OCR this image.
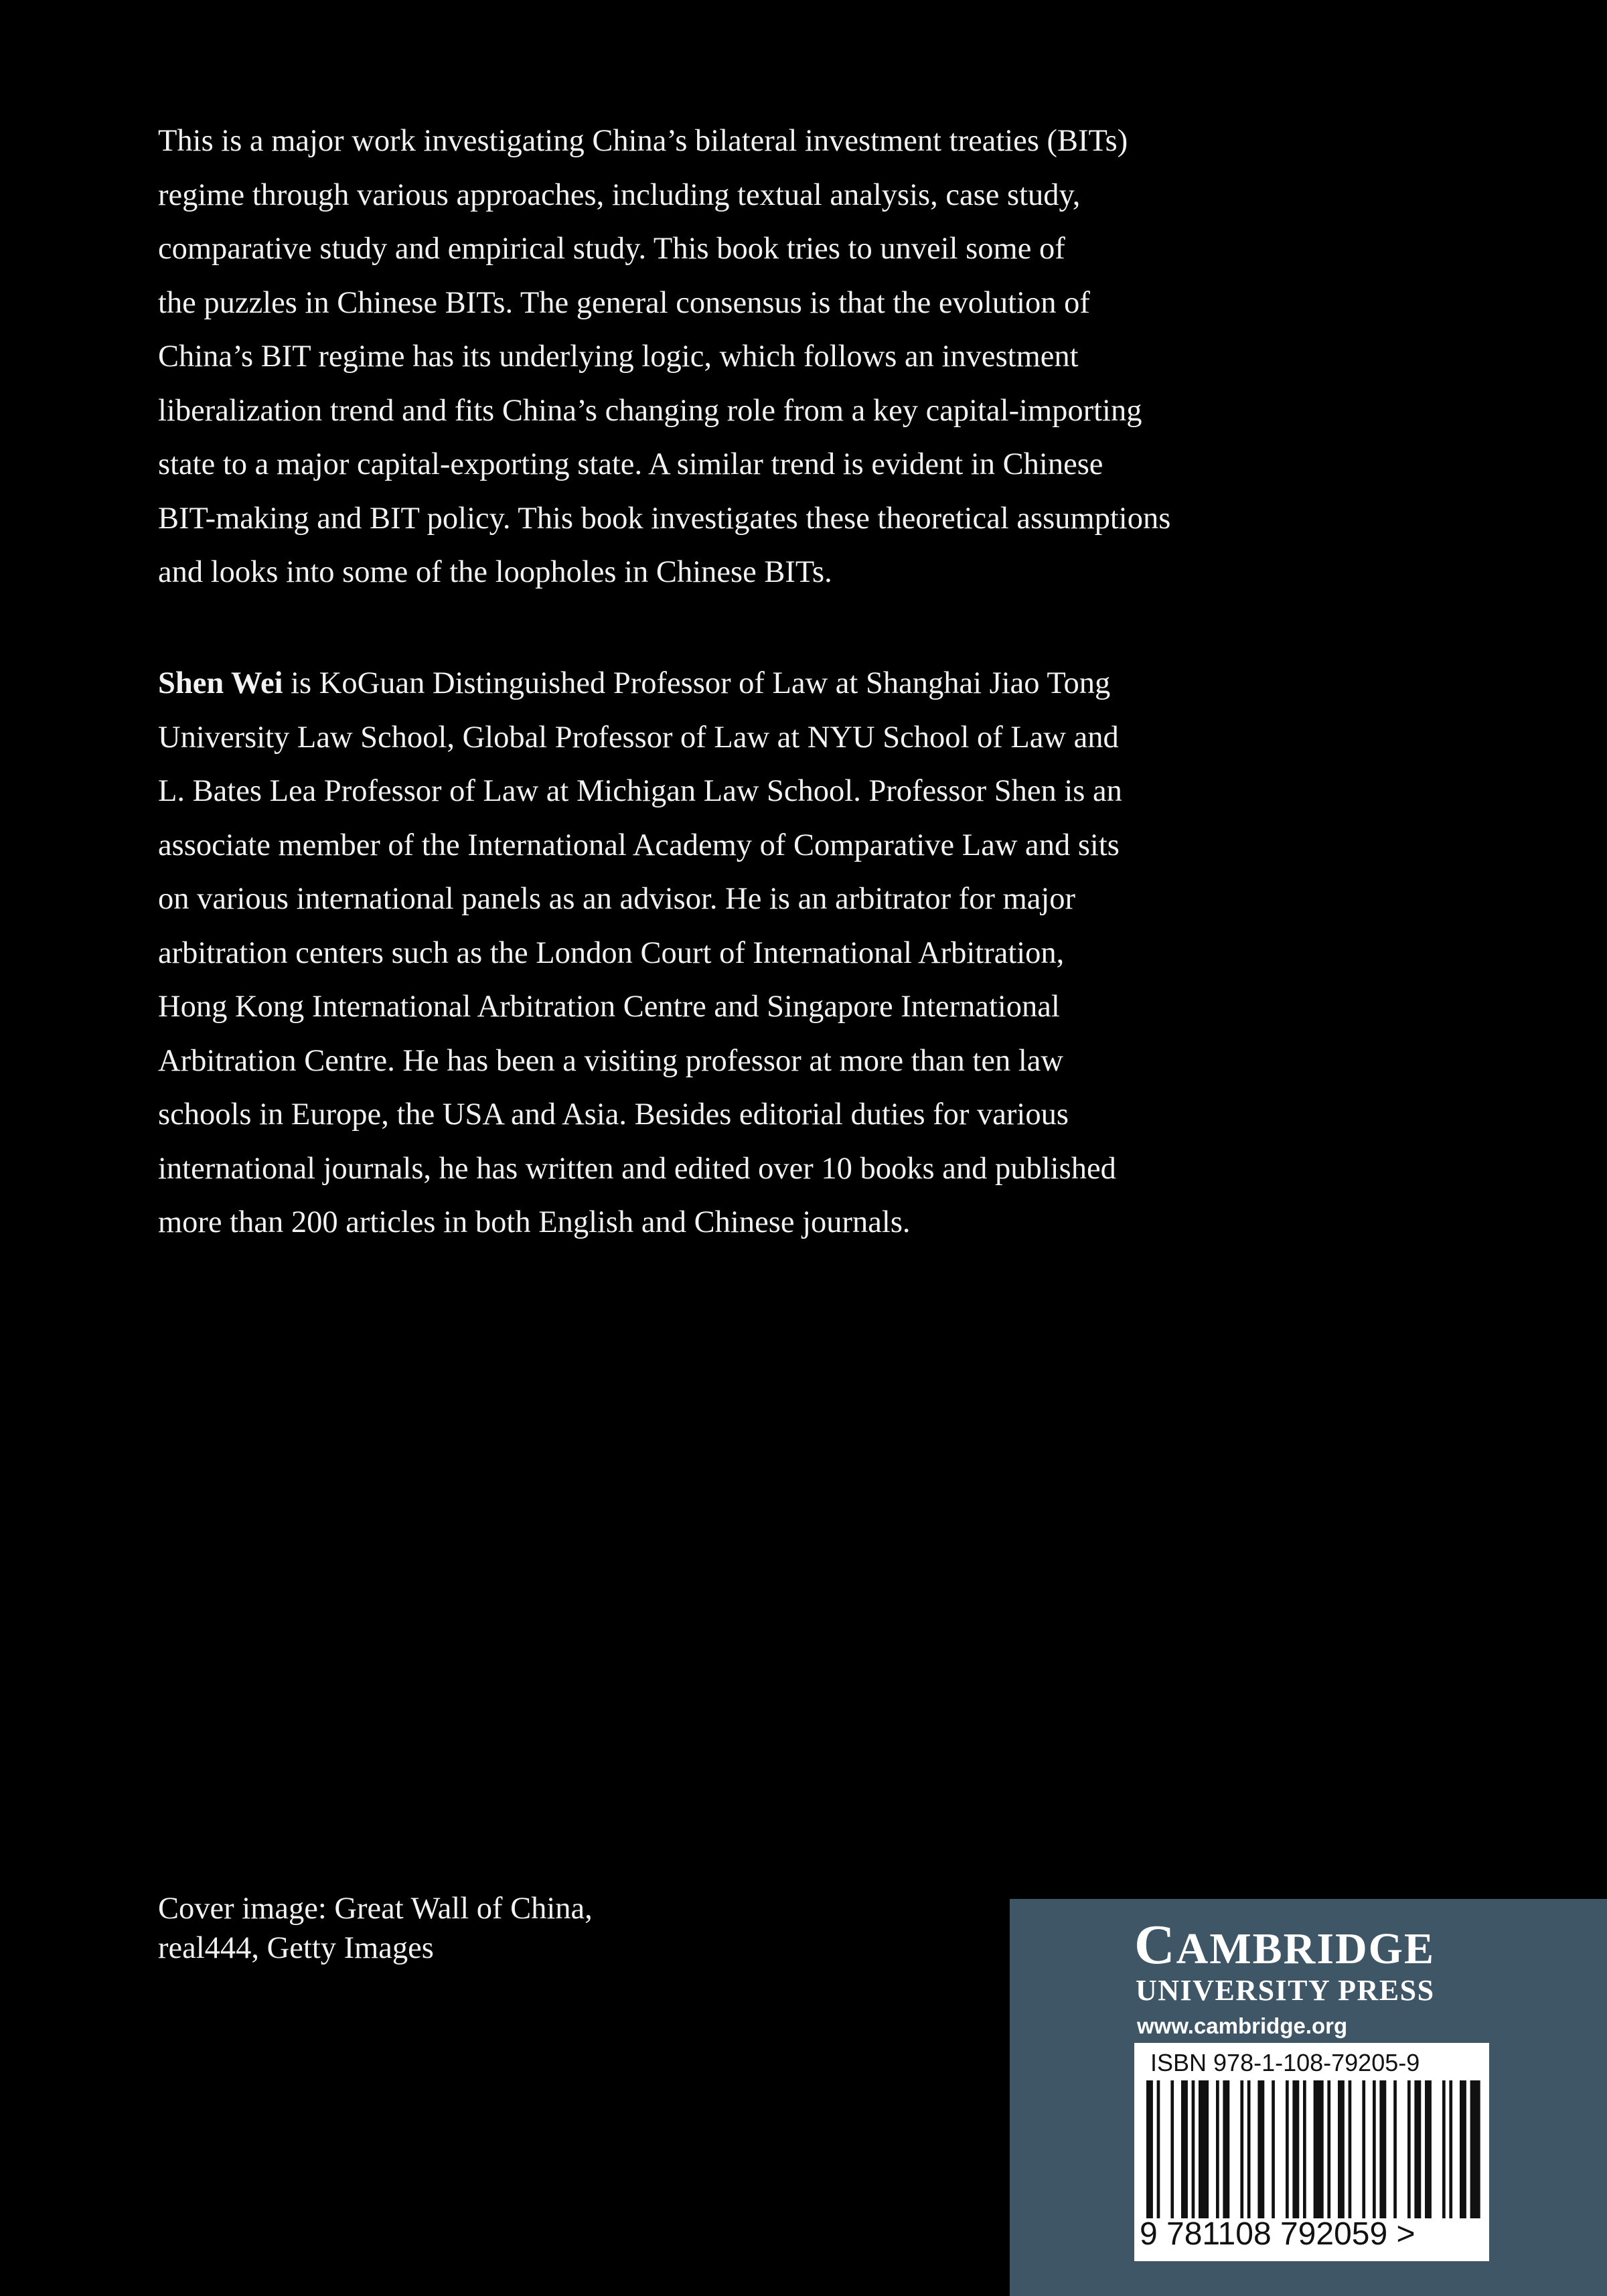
This is a major work investigating China’s bilateral investment treaties (BITs)
regime through various approaches, including textual analysis, case study,
comparative study and empirical study. This book tries to unveil some of
the puzzles in Chinese BITs. The general consensus is that the evolution of
China’s BIT regime has its underlying logic, which follows an investment
liberalization trend and fits China’s changing role from a key capital-importing
state to a major capital-exporting state. A similar trend is evident in Chinese
BIT-making and BIT policy. This book investigates these theoretical assumptions
and looks into some of the loopholes in Chinese BITs.
Shen Wei is KoGuan Distinguished Professor of Law at Shanghai Jiao Tong
University Law School, Global Professor of Law at NYU School of Law and
L. Bates Lea Professor of Law at Michigan Law School. Professor Shen is an
associate member of the International Academy of Comparative Law and sits
on various international panels as an advisor. He is an arbitrator for major
arbitration centers such as the London Court of International Arbitration,
Hong Kong International Arbitration Centre and Singapore International
Arbitration Centre. He has been a visiting professor at more than ten law
schools in Europe, the USA and Asia. Besides editorial duties for various
international journals, he has written and edited over 10 books and published
more than 200 articles in both English and Chinese journals.
Cover image: Great Wall of China,
real444, Getty Images	CAMBRIDGE
UNIVERSITY PRESS
www.cambridge.org
ISBN 978-1-108-79205-9
9 781108 792059 >
